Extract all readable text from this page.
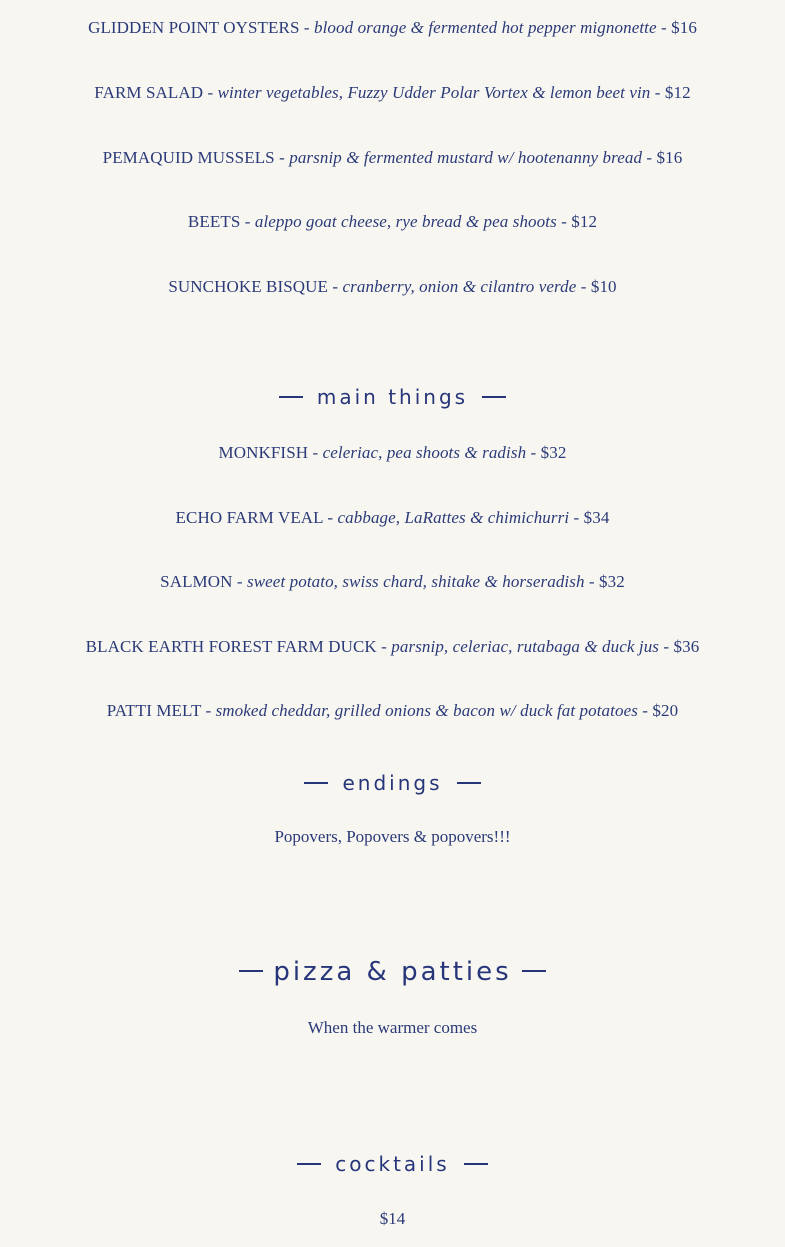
GLIDDEN POINT OYSTERS - blood orange & fermented hot pepper mignonette - $16
FARM SALAD - winter vegetables, Fuzzy Udder Polar Vortex & lemon beet vin - $12
PEMAQUID MUSSELS - parsnip & fermented mustard w/ hootenanny bread - $16
BEETS - aleppo goat cheese, rye bread & pea shoots - $12
SUNCHOKE BISQUE - cranberry, onion & cilantro verde - $10
main things
MONKFISH - celeriac, pea shoots & radish - $32
ECHO FARM VEAL - cabbage, LaRattes & chimichurri - $34
SALMON - sweet potato, swiss chard, shitake & horseradish - $32
BLACK EARTH FOREST FARM DUCK - parsnip, celeriac, rutabaga & duck jus - $36
PATTI MELT - smoked cheddar, grilled onions & bacon w/ duck fat potatoes - $20
endings
Popovers, Popovers & popovers!!!
pizza & patties
When the warmer comes
cocktails
$14
